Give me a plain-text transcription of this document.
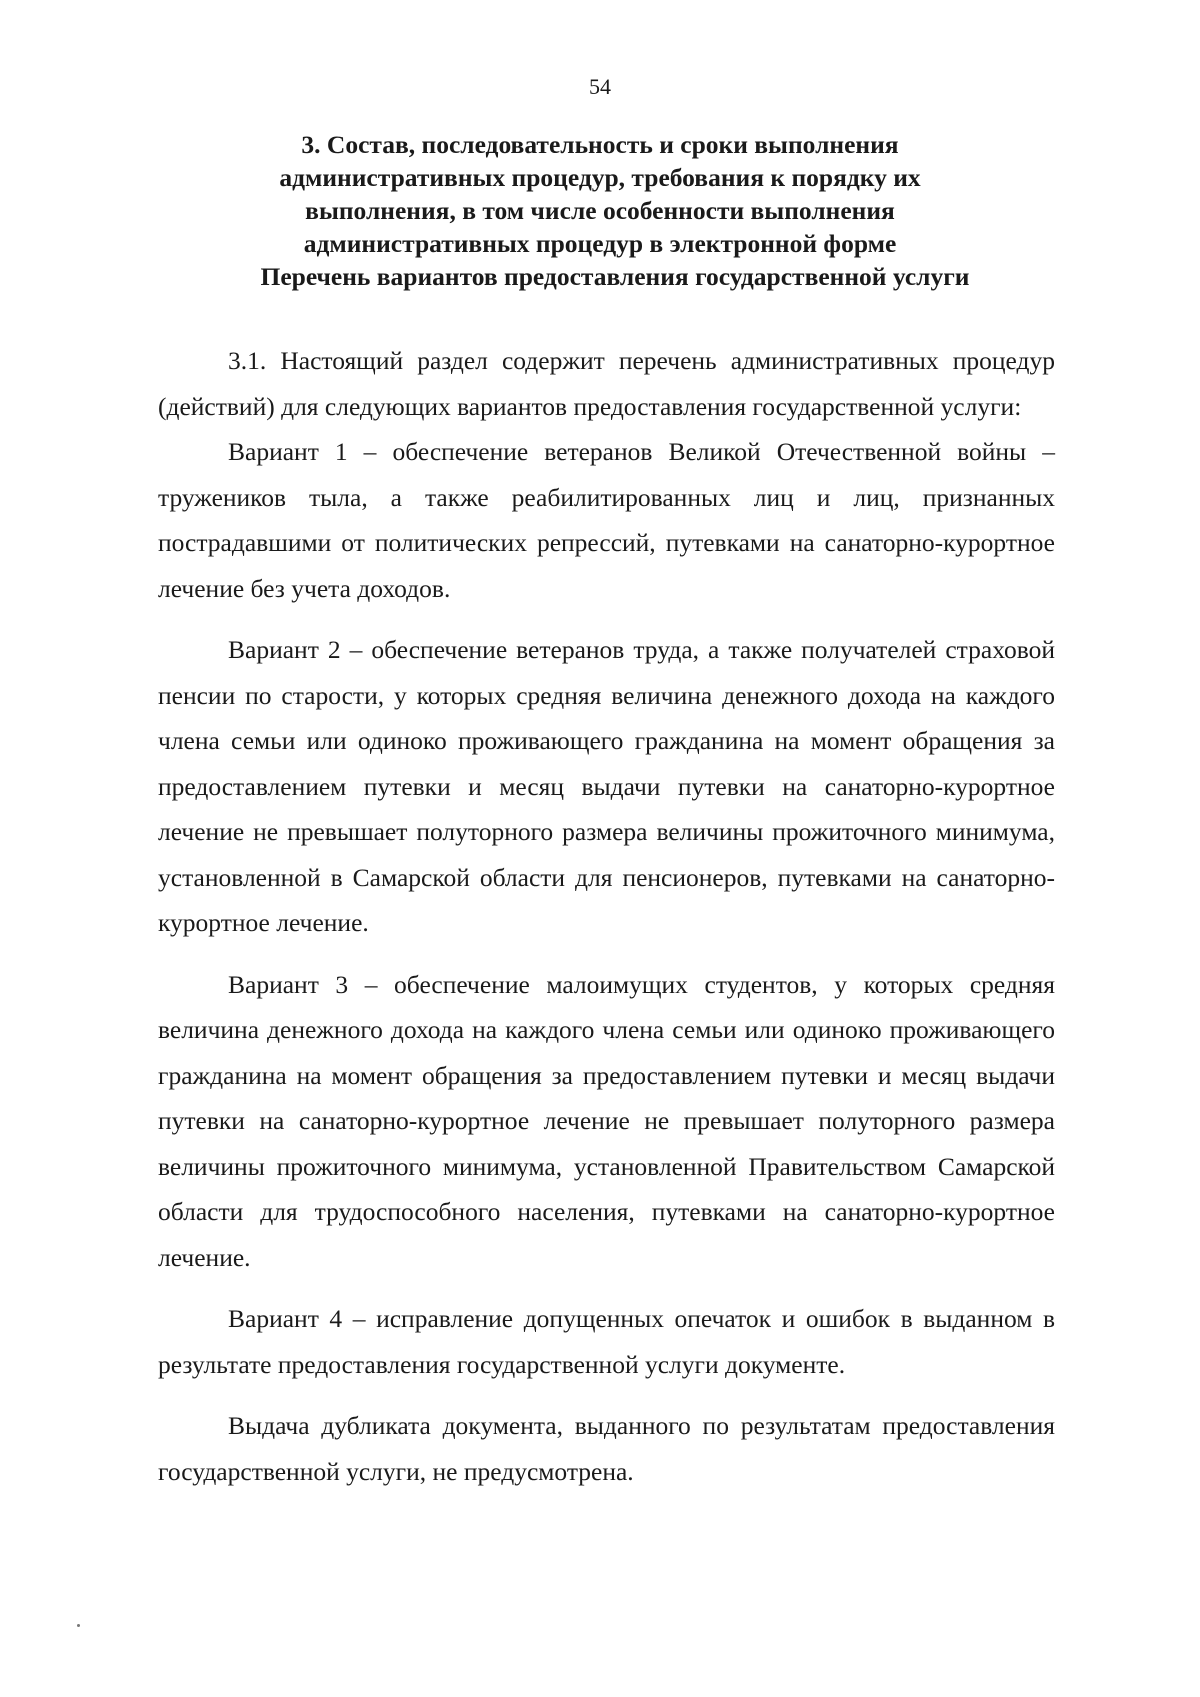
54
3. Состав, последовательность и сроки выполнения
административных процедур, требования к порядку их
выполнения, в том числе особенности выполнения
административных процедур в электронной форме
Перечень вариантов предоставления государственной услуги

3.1. Настоящий раздел содержит перечень административных процедур (действий) для следующих вариантов предоставления государственной услуги:

Вариант 1 – обеспечение ветеранов Великой Отечественной войны – тружеников тыла, а также реабилитированных лиц и лиц, признанных пострадавшими от политических репрессий, путевками на санаторно-курортное лечение без учета доходов.

Вариант 2 – обеспечение ветеранов труда, а также получателей страховой пенсии по старости, у которых средняя величина денежного дохода на каждого члена семьи или одиноко проживающего гражданина на момент обращения за предоставлением путевки и месяц выдачи путевки на санаторно-курортное лечение не превышает полуторного размера величины прожиточного минимума, установленной в Самарской области для пенсионеров, путевками на санаторно-курортное лечение.

Вариант 3 – обеспечение малоимущих студентов, у которых средняя величина денежного дохода на каждого члена семьи или одиноко проживающего гражданина на момент обращения за предоставлением путевки и месяц выдачи путевки на санаторно-курортное лечение не превышает полуторного размера величины прожиточного минимума, установленной Правительством Самарской области для трудоспособного населения, путевками на санаторно-курортное лечение.

Вариант 4 – исправление допущенных опечаток и ошибок в выданном в результате предоставления государственной услуги документе.

Выдача дубликата документа, выданного по результатам предоставления государственной услуги, не предусмотрена.
